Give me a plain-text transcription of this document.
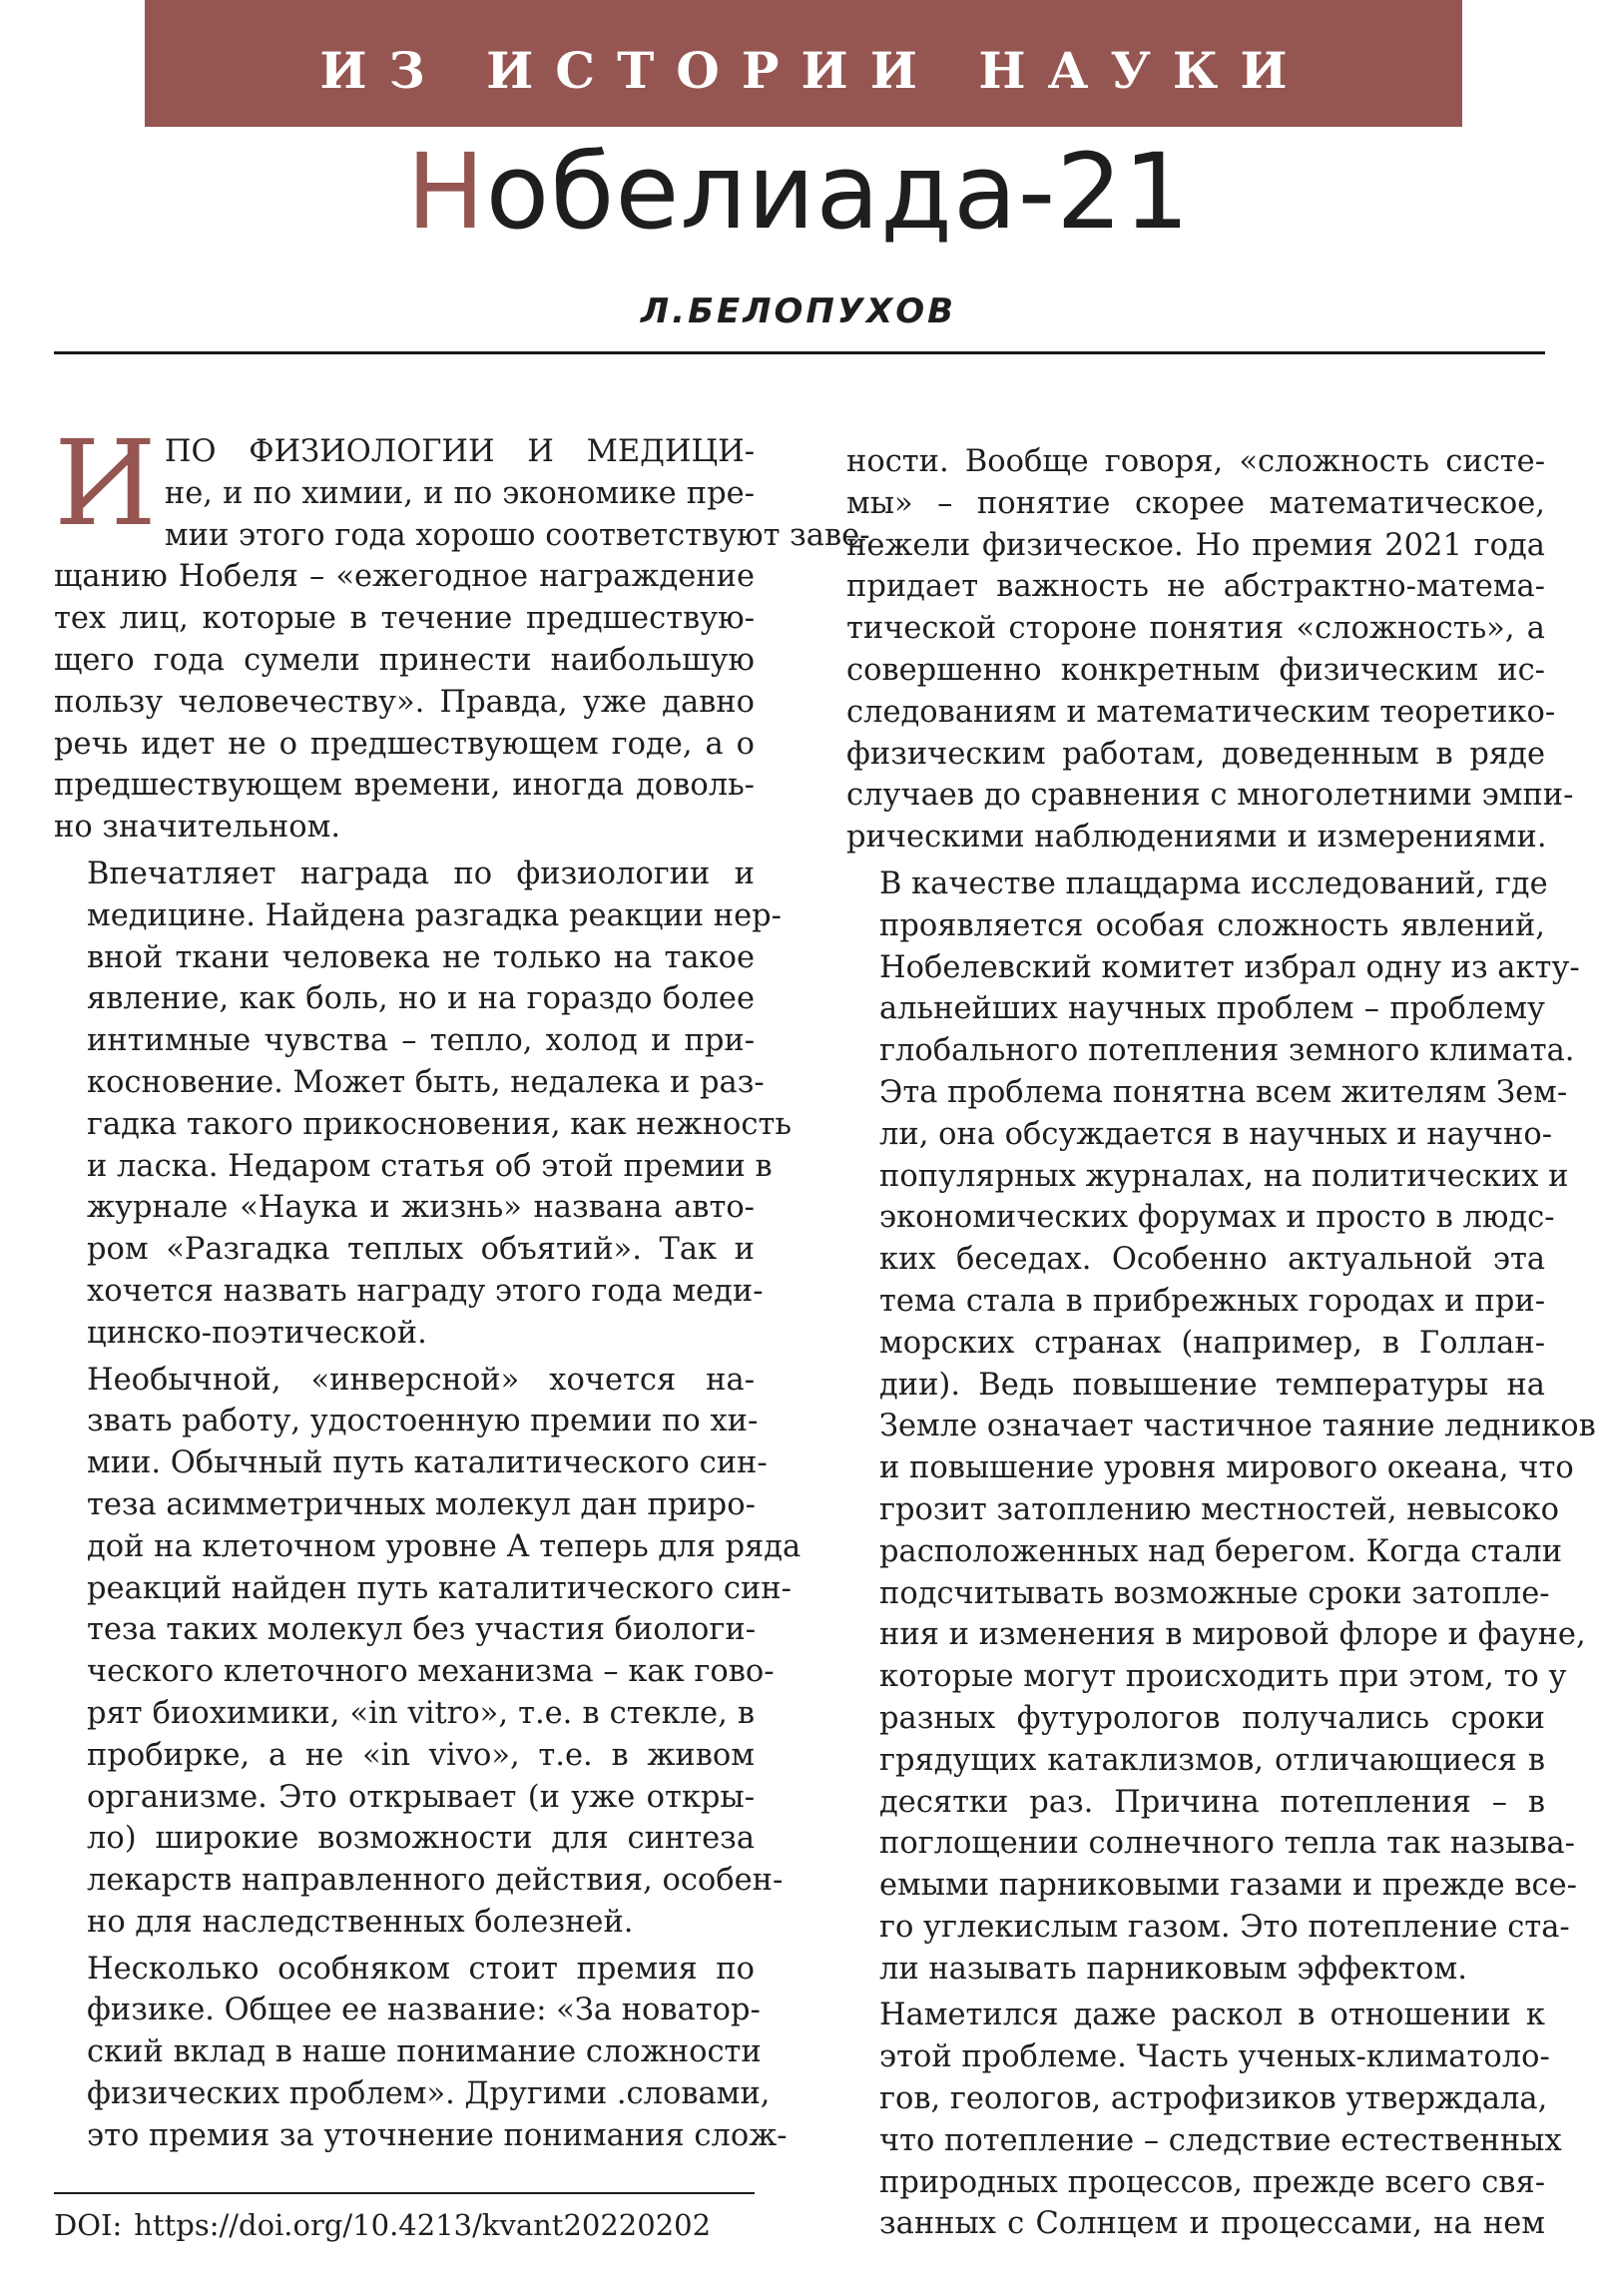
ИЗ ИСТОРИИ НАУКИ
Нобелиада-21
Л.БЕЛОПУХОВ
И ПО ФИЗИОЛОГИИ И МЕДИЦИ-
не, и по химии, и по экономике пре-
мии этого года хорошо соответствуют заве-
щанию Нобеля – «ежегодное награждение
тех лиц, которые в течение предшествую-
щего года сумели принести наибольшую
пользу человечеству». Правда, уже давно
речь идет не о предшествующем годе, а о
предшествующем времени, иногда доволь-
но значительном.
Впечатляет награда по физиологии и
медицине. Найдена разгадка реакции нер-
вной ткани человека не только на такое
явление, как боль, но и на гораздо более
интимные чувства – тепло, холод и при-
косновение. Может быть, недалека и раз-
гадка такого прикосновения, как нежность
и ласка. Недаром статья об этой премии в
журнале «Наука и жизнь» названа авто-
ром «Разгадка теплых объятий». Так и
хочется назвать награду этого года меди-
цинско-поэтической.
Необычной, «инверсной» хочется на-
звать работу, удостоенную премии по хи-
мии. Обычный путь каталитического син-
теза асимметричных молекул дан приро-
дой на клеточном уровне А теперь для ряда
реакций найден путь каталитического син-
теза таких молекул без участия биологи-
ческого клеточного механизма – как гово-
рят биохимики, «in vitro», т.е. в стекле, в
пробирке, а не «in vivo», т.е. в живом
организме. Это открывает (и уже откры-
ло) широкие возможности для синтеза
лекарств направленного действия, особен-
но для наследственных болезней.
Несколько особняком стоит премия по
физике. Общее ее название: «За новатор-
ский вклад в наше понимание сложности
физических проблем». Другими .словами,
это премия за уточнение понимания слож-
ности. Вообще говоря, «сложность систе-
мы» – понятие скорее математическое,
нежели физическое. Но премия 2021 года
придает важность не абстрактно-матема-
тической стороне понятия «сложность», а
совершенно конкретным физическим ис-
следованиям и математическим теоретико-
физическим работам, доведенным в ряде
случаев до сравнения с многолетними эмпи-
рическими наблюдениями и измерениями.
В качестве плацдарма исследований, где
проявляется особая сложность явлений,
Нобелевский комитет избрал одну из акту-
альнейших научных проблем – проблему
глобального потепления земного климата.
Эта проблема понятна всем жителям Зем-
ли, она обсуждается в научных и научно-
популярных журналах, на политических и
экономических форумах и просто в людс-
ких беседах. Особенно актуальной эта
тема стала в прибрежных городах и при-
морских странах (например, в Голлан-
дии). Ведь повышение температуры на
Земле означает частичное таяние ледников
и повышение уровня мирового океана, что
грозит затоплению местностей, невысоко
расположенных над берегом. Когда стали
подсчитывать возможные сроки затопле-
ния и изменения в мировой флоре и фауне,
которые могут происходить при этом, то у
разных футурологов получались сроки
грядущих катаклизмов, отличающиеся в
десятки раз. Причина потепления – в
поглощении солнечного тепла так называ-
емыми парниковыми газами и прежде все-
го углекислым газом. Это потепление ста-
ли называть парниковым эффектом.
Наметился даже раскол в отношении к
этой проблеме. Часть ученых-климатоло-
гов, геологов, астрофизиков утверждала,
что потепление – следствие естественных
природных процессов, прежде всего свя-
занных с Солнцем и процессами, на нем
DOI: https://doi.org/10.4213/kvant20220202
